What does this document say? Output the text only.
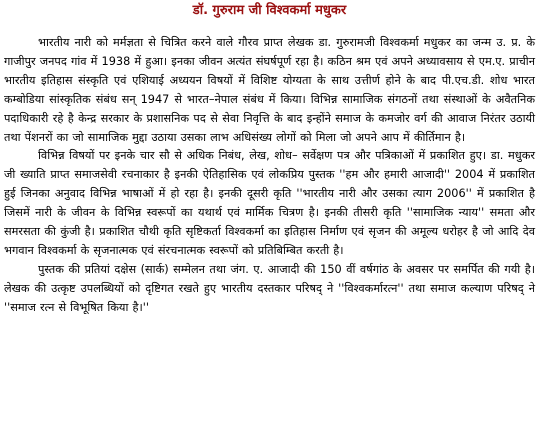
डॉ. गुरुराम जी विश्वकर्मा मधुकर

भारतीय नारी को मर्मज्ञता से चित्रित करने वाले गौरव प्राप्त लेखक डा. गुरुरामजी विश्वकर्मा मधुकर का जन्म उ. प्र. के गाजीपुर जनपद गांव में 1938 में हुआ। इनका जीवन अत्यंत संघर्षपूर्ण रहा है। कठिन श्रम एवं अपने अध्यावसाय से एम.ए. प्राचीन भारतीय इतिहास संस्कृति एवं एशियाई अध्ययन विषयों में विशिष्ट योग्यता के साथ उत्तीर्ण होने के बाद पी.एच.डी. शोध भारत कम्बोडिया सांस्कृतिक संबंध सन् 1947 से भारत–नेपाल संबंध में किया। विभिन्न सामाजिक संगठनों तथा संस्थाओं के अवैतनिक पदाधिकारी रहे है केन्द्र सरकार के प्रशासनिक पद से सेवा निवृत्ति के बाद इन्होंने समाज के कमजोर वर्ग की आवाज निरंतर उठायी तथा पेंशनरों का जो सामाजिक मुद्दा उठाया उसका लाभ अधिसंख्य लोगों को मिला जो अपने आप में कीर्तिमान है।

विभिन्न विषयों पर इनके चार सौ से अधिक निबंध, लेख, शोध– सर्वेक्षण पत्र और पत्रिकाओं में प्रकाशित हुए। डा. मधुकर जी ख्याति प्राप्त समाजसेवी रचनाकार है इनकी ऐतिहासिक एवं लोकप्रिय पुस्तक ''हम और हमारी आजादी'' 2004 में प्रकाशित हुई जिनका अनुवाद विभिन्न भाषाओं में हो रहा है। इनकी दूसरी कृति ''भारतीय नारी और उसका त्याग 2006'' में प्रकाशित है जिसमें नारी के जीवन के विभिन्न स्वरूपों का यथार्थ एवं मार्मिक चित्रण है। इनकी तीसरी कृति ''सामाजिक न्याय'' समता और समरसता की कुंजी है। प्रकाशित चौथी कृति सृष्टिकर्ता विश्वकर्मा का इतिहास निर्माण एवं सृजन की अमूल्य धरोहर है जो आदि देव भगवान विश्वकर्मा के सृजनात्मक एवं संरचनात्मक स्वरूपों को प्रतिबिम्बित करती है।

पुस्तक की प्रतियां दक्षेस (सार्क) सम्मेलन तथा जंग. ए. आजादी की 150 वीं वर्षगांठ के अवसर पर समर्पित की गयी है। लेखक की उत्कृष्ट उपलब्धियों को दृष्टिगत रखते हुए भारतीय दस्तकार परिषद् ने ''विश्वकर्मारत्न'' तथा समाज कल्याण परिषद् ने ''समाज रत्न से विभूषित किया है।''
